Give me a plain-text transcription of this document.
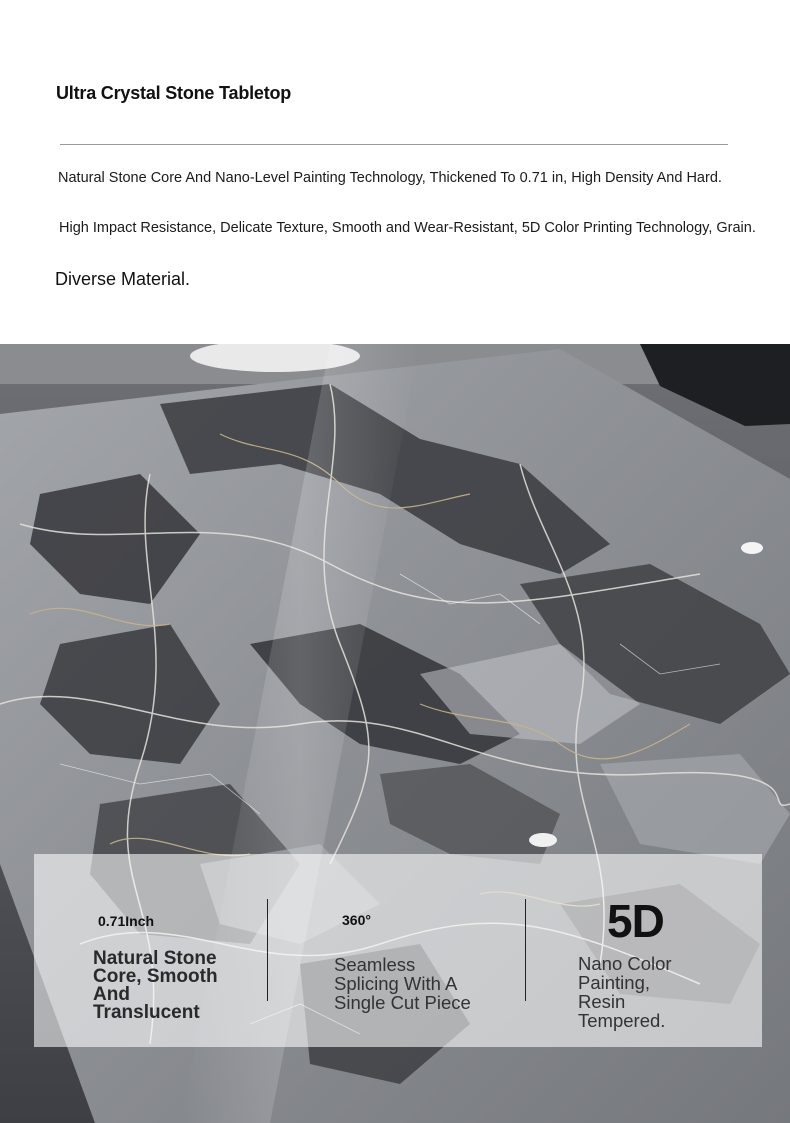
Ultra Crystal Stone Tabletop
Natural Stone Core And Nano-Level Painting Technology, Thickened To 0.71 in, High Density And Hard.
High Impact Resistance, Delicate Texture, Smooth and Wear-Resistant, 5D Color Printing Technology, Grain.
Diverse Material.
0.71Inch
Natural Stone Core, Smooth And Translucent
360°
Seamless Splicing With A Single Cut Piece
5D
Nano Color Painting, Resin Tempered.
